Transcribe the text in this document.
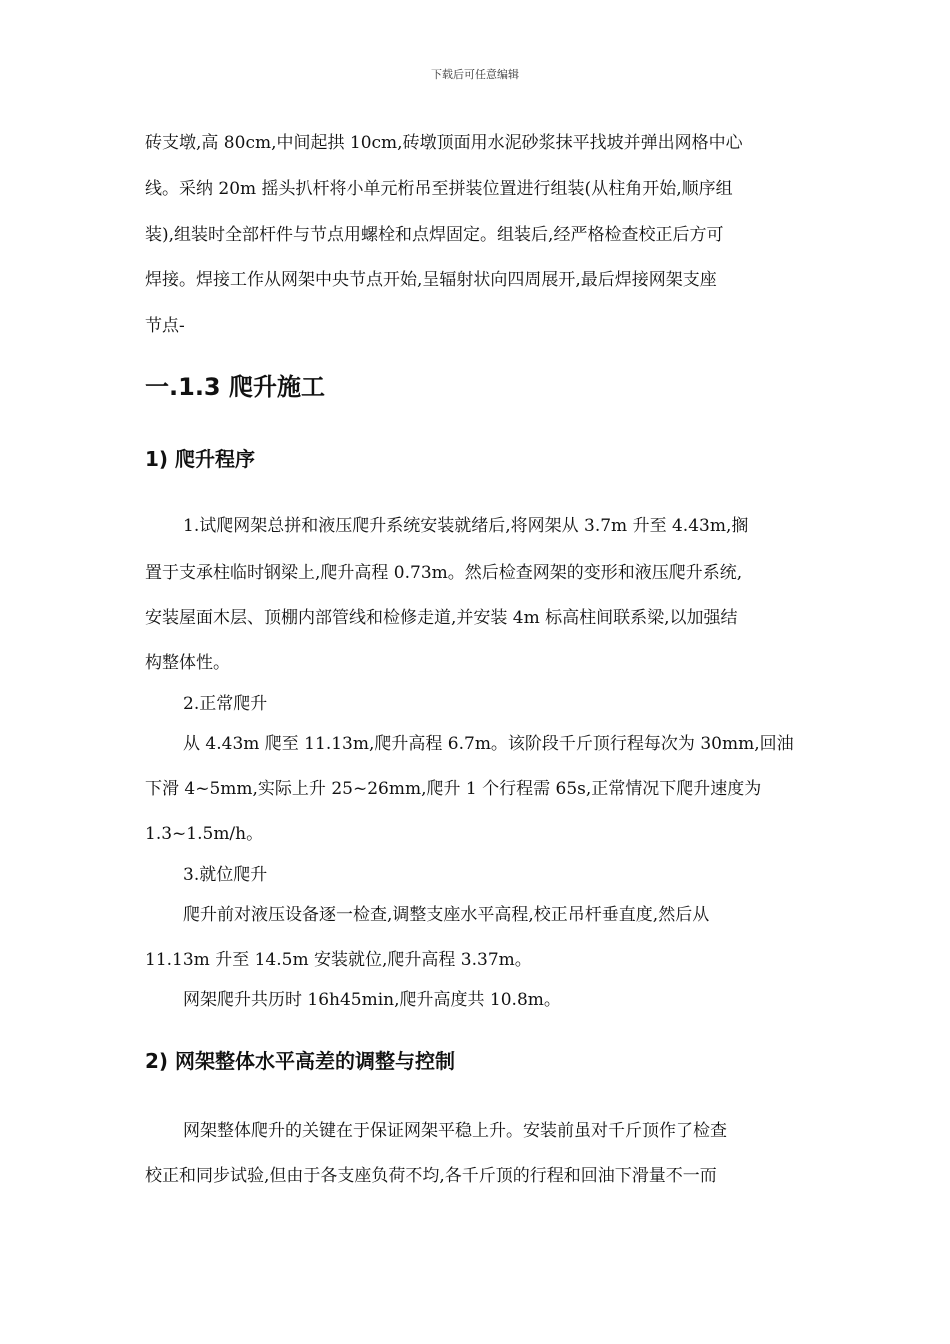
下载后可任意编辑
砖支墩,高 80cm,中间起拱 10cm,砖墩顶面用水泥砂浆抹平找坡并弹出网格中心
线。采纳 20m 摇头扒杆将小单元桁吊至拼装位置进行组装(从柱角开始,顺序组
装),组装时全部杆件与节点用螺栓和点焊固定。组装后,经严格检查校正后方可
焊接。焊接工作从网架中央节点开始,呈辐射状向四周展开,最后焊接网架支座
节点-
一.1.3 爬升施工
1) 爬升程序
1.试爬网架总拼和液压爬升系统安装就绪后,将网架从 3.7m 升至 4.43m,搁
置于支承柱临时钢梁上,爬升高程 0.73m。然后检查网架的变形和液压爬升系统,
安装屋面木层、顶棚内部管线和检修走道,并安装 4m 标高柱间联系梁,以加强结
构整体性。
2.正常爬升
从 4.43m 爬至 11.13m,爬升高程 6.7m。该阶段千斤顶行程每次为 30mm,回油
下滑 4~5mm,实际上升 25~26mm,爬升 1 个行程需 65s,正常情况下爬升速度为
1.3~1.5m/h。
3.就位爬升
爬升前对液压设备逐一检查,调整支座水平高程,校正吊杆垂直度,然后从
11.13m 升至 14.5m 安装就位,爬升高程 3.37m。
网架爬升共历时 16h45min,爬升高度共 10.8m。
2) 网架整体水平高差的调整与控制
网架整体爬升的关键在于保证网架平稳上升。安装前虽对千斤顶作了检查
校正和同步试验,但由于各支座负荷不均,各千斤顶的行程和回油下滑量不一而
